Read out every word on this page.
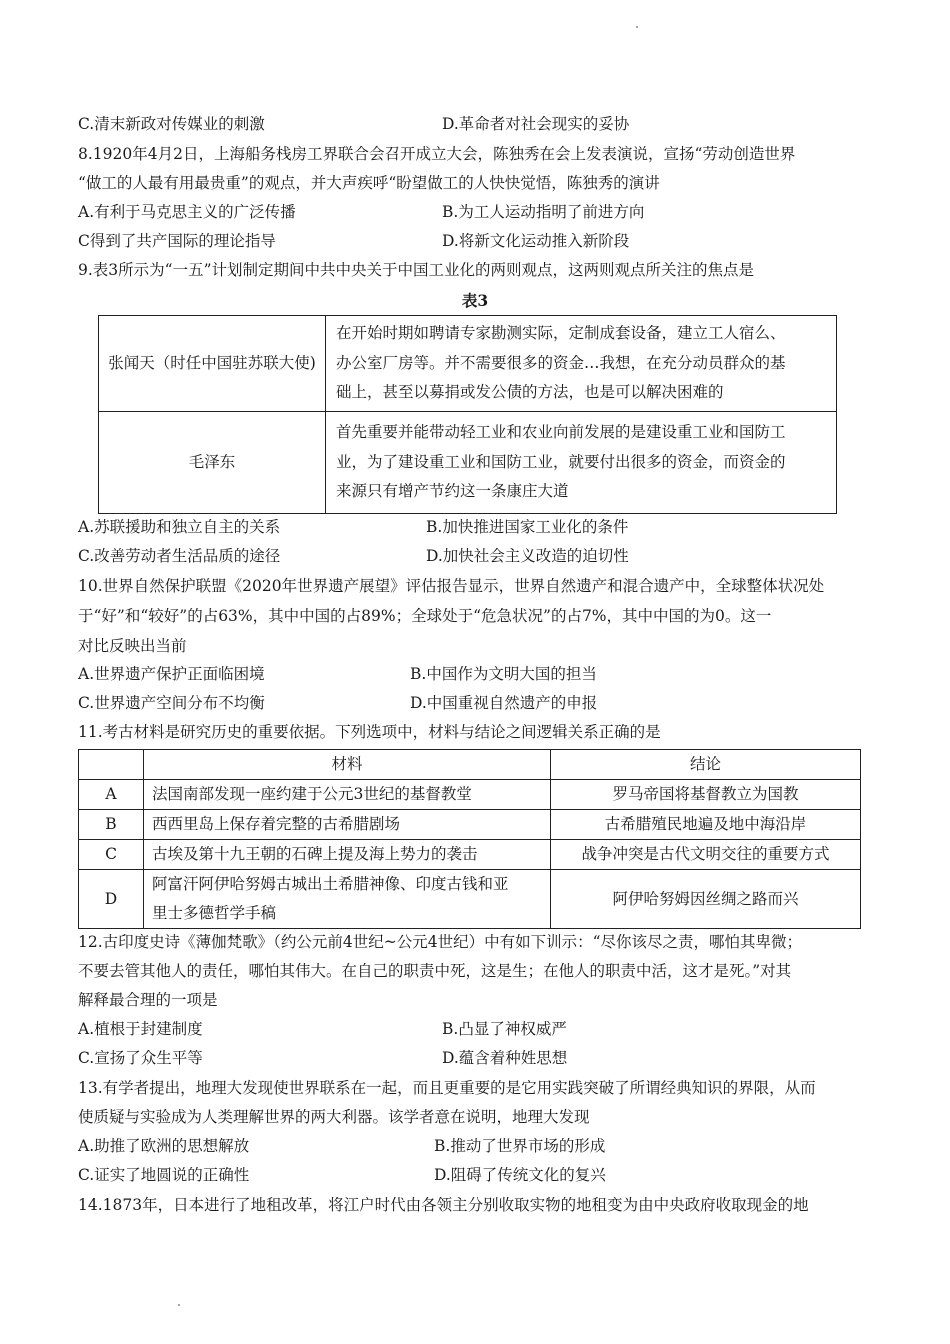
C.清末新政对传媒业的刺激	D.革命者对社会现实的妥协
8.1920年4月2日，上海船务栈房工界联合会召开成立大会，陈独秀在会上发表演说，宣扬“劳动创造世界
“做工的人最有用最贵重”的观点，并大声疾呼“盼望做工的人快快觉悟，陈独秀的演讲
A.有利于马克思主义的广泛传播	B.为工人运动指明了前进方向
C得到了共产国际的理论指导	D.将新文化运动推入新阶段
9.表3所示为“一五”计划制定期间中共中央关于中国工业化的两则观点，这两则观点所关注的焦点是
表3
张闻天（时任中国驻苏联大使)	在开始时期如聘请专家勘测实际，定制成套设备，建立工人宿么、
办公室厂房等。并不需要很多的资金…我想，在充分动员群众的基
础上，甚至以募捐或发公债的方法，也是可以解决困难的

毛泽东	首先重要并能带动轻工业和农业向前发展的是建设重工业和国防工
业，为了建设重工业和国防工业，就要付出很多的资金，而资金的
来源只有增产节约这一条康庄大道
A.苏联援助和独立自主的关系	B.加快推进国家工业化的条件
C.改善劳动者生活品质的途径	D.加快社会主义改造的迫切性
10.世界自然保护联盟《2020年世界遗产展望》评估报告显示，世界自然遗产和混合遗产中，全球整体状况处
于“好”和“较好”的占63%，其中中国的占89%；全球处于“危急状况”的占7%，其中中国的为0。这一
对比反映出当前
A.世界遗产保护正面临困境	B.中国作为文明大国的担当
C.世界遗产空间分布不均衡	D.中国重视自然遗产的申报
11.考古材料是研究历史的重要依据。下列选项中，材料与结论之间逻辑关系正确的是
	材料	结论
A	法国南部发现一座约建于公元3世纪的基督教堂	罗马帝国将基督教立为国教
B	西西里岛上保存着完整的古希腊剧场	古希腊殖民地遍及地中海沿岸
C	古埃及第十九王朝的石碑上提及海上势力的袭击	战争冲突是古代文明交往的重要方式
D	阿富汗阿伊哈努姆古城出土希腊神像、印度古钱和亚
里士多德哲学手稿	阿伊哈努姆因丝绸之路而兴
12.古印度史诗《薄伽梵歌》（约公元前4世纪~公元4世纪）中有如下训示：“尽你该尽之责，哪怕其卑微；
不要去管其他人的责任，哪怕其伟大。在自己的职责中死，这是生；在他人的职责中活，这才是死。”对其
解释最合理的一项是
A.植根于封建制度	B.凸显了神权威严
C.宣扬了众生平等	D.蕴含着种姓思想
13.有学者提出，地理大发现使世界联系在一起，而且更重要的是它用实践突破了所谓经典知识的界限，从而
使质疑与实验成为人类理解世界的两大利器。该学者意在说明，地理大发现
A.助推了欧洲的思想解放	B.推动了世界市场的形成
C.证实了地圆说的正确性	D.阻碍了传统文化的复兴
14.1873年，日本进行了地租改革，将江户时代由各领主分别收取实物的地租变为由中央政府收取现金的地
